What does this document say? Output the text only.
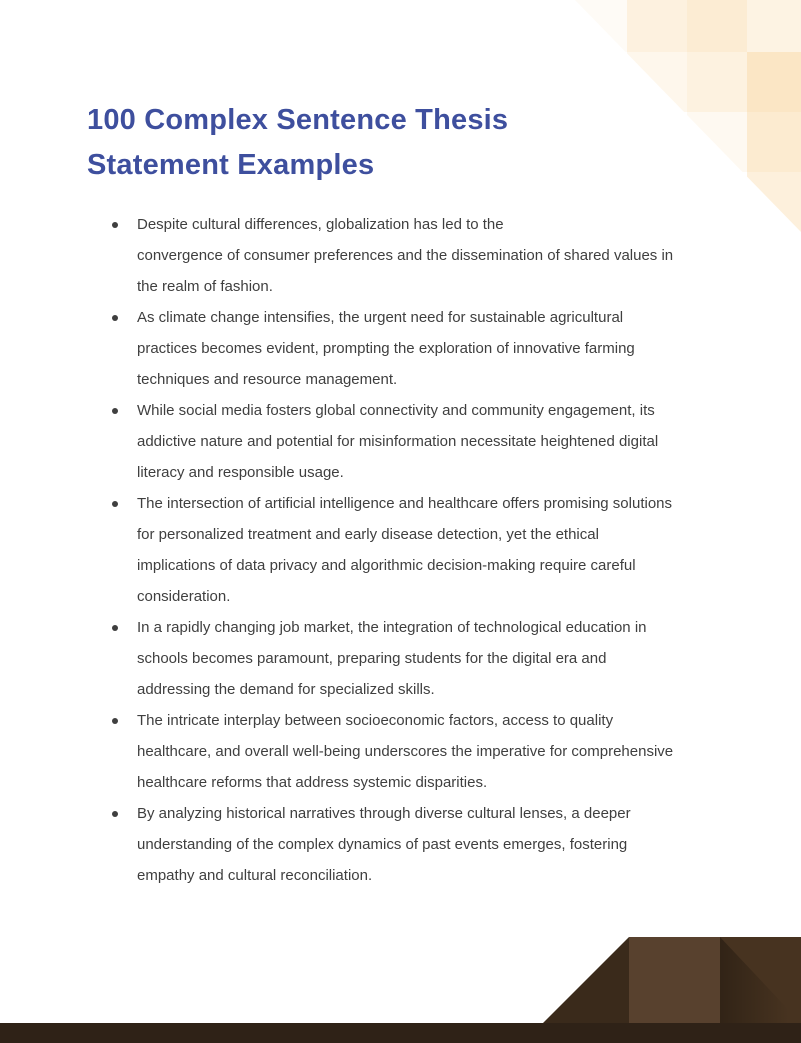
100 Complex Sentence Thesis
Statement Examples
Despite cultural differences, globalization has led to the
convergence of consumer preferences and the dissemination of shared values in
the realm of fashion.
As climate change intensifies, the urgent need for sustainable agricultural
practices becomes evident, prompting the exploration of innovative farming
techniques and resource management.
While social media fosters global connectivity and community engagement, its
addictive nature and potential for misinformation necessitate heightened digital
literacy and responsible usage.
The intersection of artificial intelligence and healthcare offers promising solutions
for personalized treatment and early disease detection, yet the ethical
implications of data privacy and algorithmic decision-making require careful
consideration.
In a rapidly changing job market, the integration of technological education in
schools becomes paramount, preparing students for the digital era and
addressing the demand for specialized skills.
The intricate interplay between socioeconomic factors, access to quality
healthcare, and overall well-being underscores the imperative for comprehensive
healthcare reforms that address systemic disparities.
By analyzing historical narratives through diverse cultural lenses, a deeper
understanding of the complex dynamics of past events emerges, fostering
empathy and cultural reconciliation.
